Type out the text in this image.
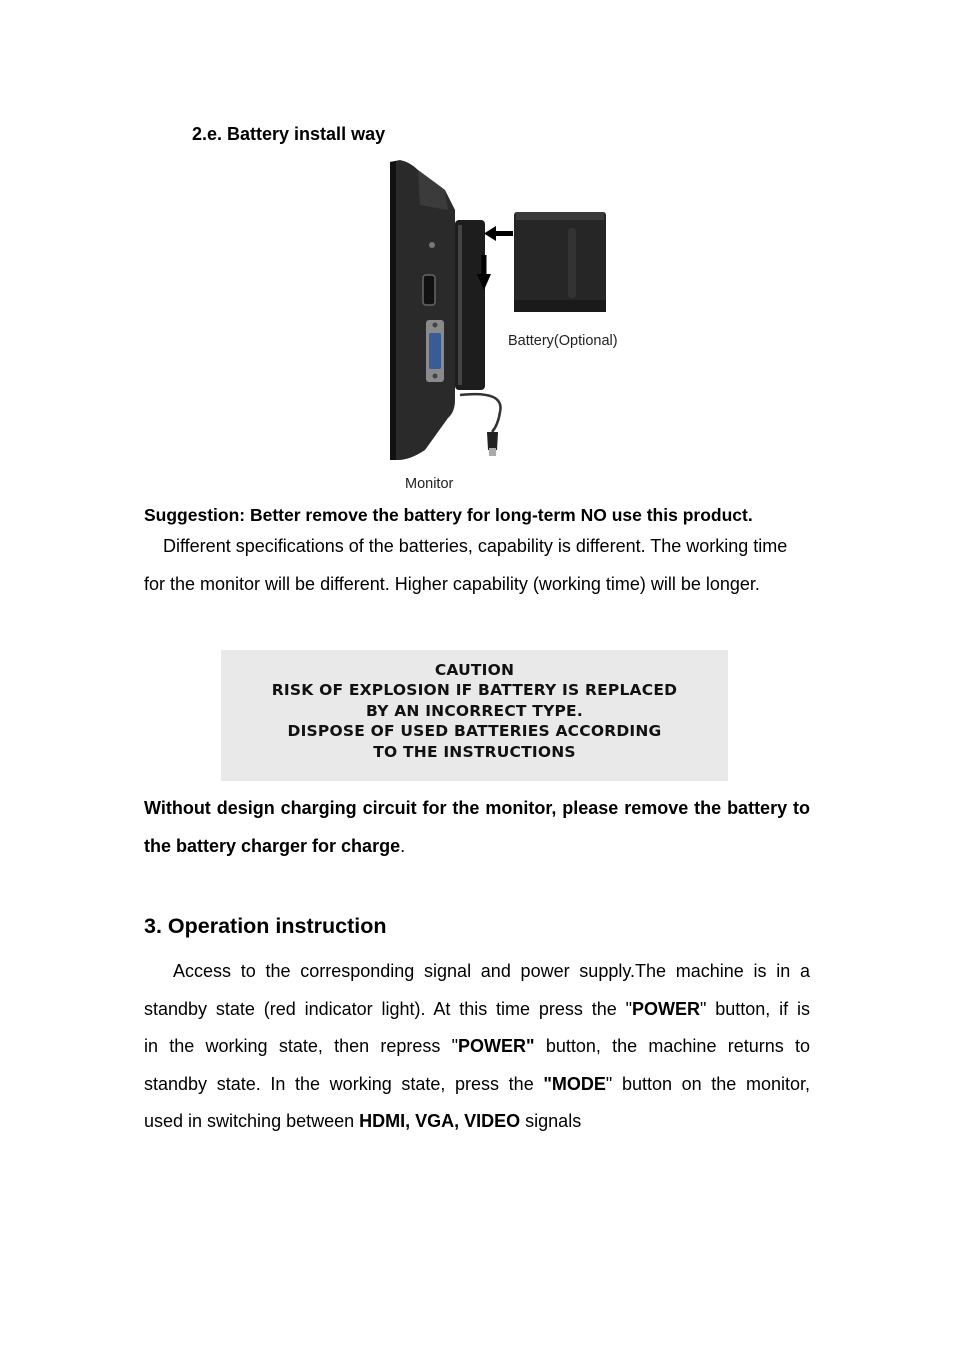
2.e. Battery install way
Battery(Optional)
Monitor
Suggestion: Better remove the battery for long-term NO use this product.
Different specifications of the batteries, capability is different. The working time for the monitor will be different. Higher capability (working time) will be longer.
CAUTION
RISK OF EXPLOSION IF BATTERY IS REPLACED
BY AN INCORRECT TYPE.
DISPOSE OF USED BATTERIES ACCORDING
TO THE INSTRUCTIONS
Without design charging circuit for the monitor, please remove the battery to the battery charger for charge.
3. Operation instruction
Access to the corresponding signal and power supply.The machine is in a
standby state (red indicator light). At this time press the "POWER" button, if is
in the working state, then repress "POWER" button, the machine returns to
standby state. In the working state, press the "MODE" button on the monitor,
used in switching between HDMI, VGA, VIDEO signals
